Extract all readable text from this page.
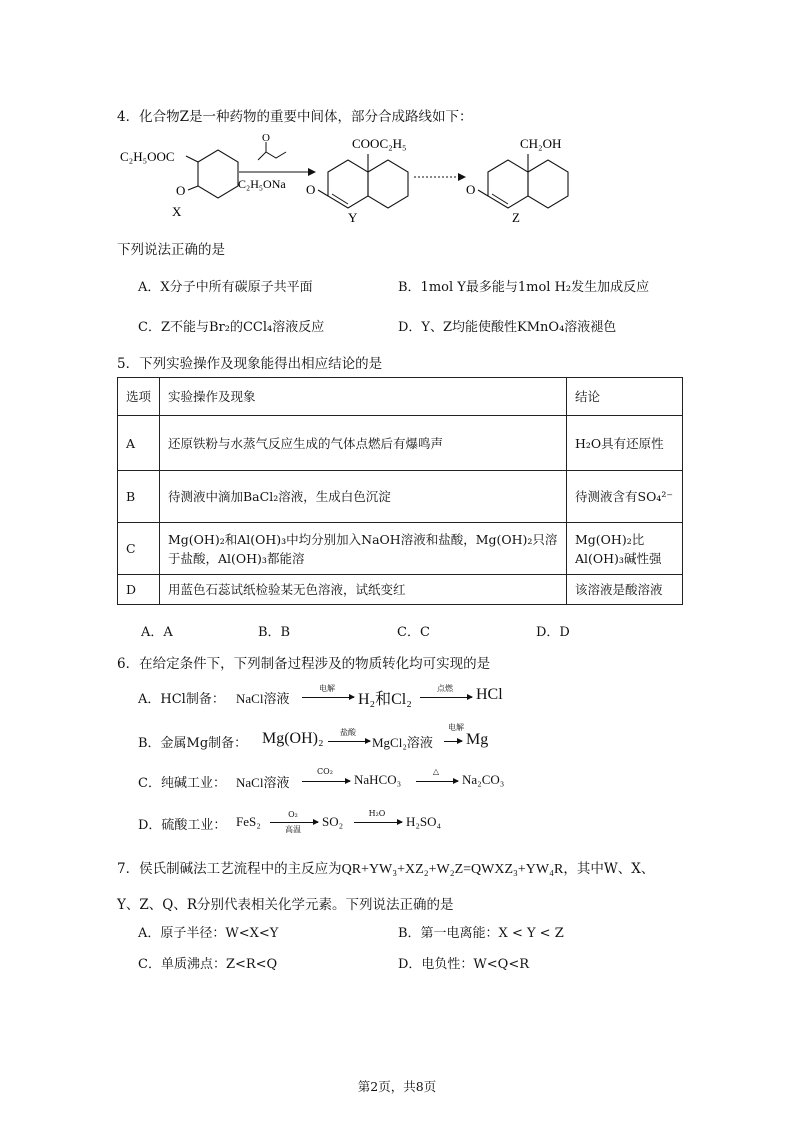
4．化合物Z是一种药物的重要中间体，部分合成路线如下：
C₂H₅OOC
O
X
O
C₂H₅ONa
COOC₂H₅
O
Y
CH₂OH
O
Z
下列说法正确的是
A．X分子中所有碳原子共平面	B．1mol Y最多能与1mol H₂发生加成反应
C．Z不能与Br₂的CCl₄溶液反应	D．Y、Z均能使酸性KMnO₄溶液褪色
5．下列实验操作及现象能得出相应结论的是
选项	实验操作及现象	结论
A	还原铁粉与水蒸气反应生成的气体点燃后有爆鸣声	H₂O具有还原性
B	待测液中滴加BaCl₂溶液，生成白色沉淀	待测液含有SO₄²⁻
C	Mg(OH)₂和Al(OH)₃中均分别加入NaOH溶液和盐酸，Mg(OH)₂只溶于盐酸，Al(OH)₃都能溶	Mg(OH)₂比Al(OH)₃碱性强
D	用蓝色石蕊试纸检验某无色溶液，试纸变红	该溶液是酸溶液
A．A	B．B	C．C	D．D
6．在给定条件下，下列制备过程涉及的物质转化均可实现的是
A．HCl制备： NaCl溶液
电解
H₂和Cl₂
点燃	HCl
B．金属Mg制备： Mg(OH)₂	盐酸
MgCl₂溶液
电解
Mg
C．纯碱工业： NaCl溶液
CO₂
NaHCO₃
△
Na₂CO₃
D．硫酸工业： FeS₂	O₂
高温
SO₂
H₂O
H₂SO₄
7．侯氏制碱法工艺流程中的主反应为QR+YW₃+XZ₂+W₂Z=QWXZ₃+YW₄R，其中W、X、
Y、Z、Q、R分别代表相关化学元素。下列说法正确的是
A．原子半径：W<X<Y	B．第一电离能：X < Y < Z
C．单质沸点：Z<R<Q	D．电负性：W<Q<R
第2页，共8页
